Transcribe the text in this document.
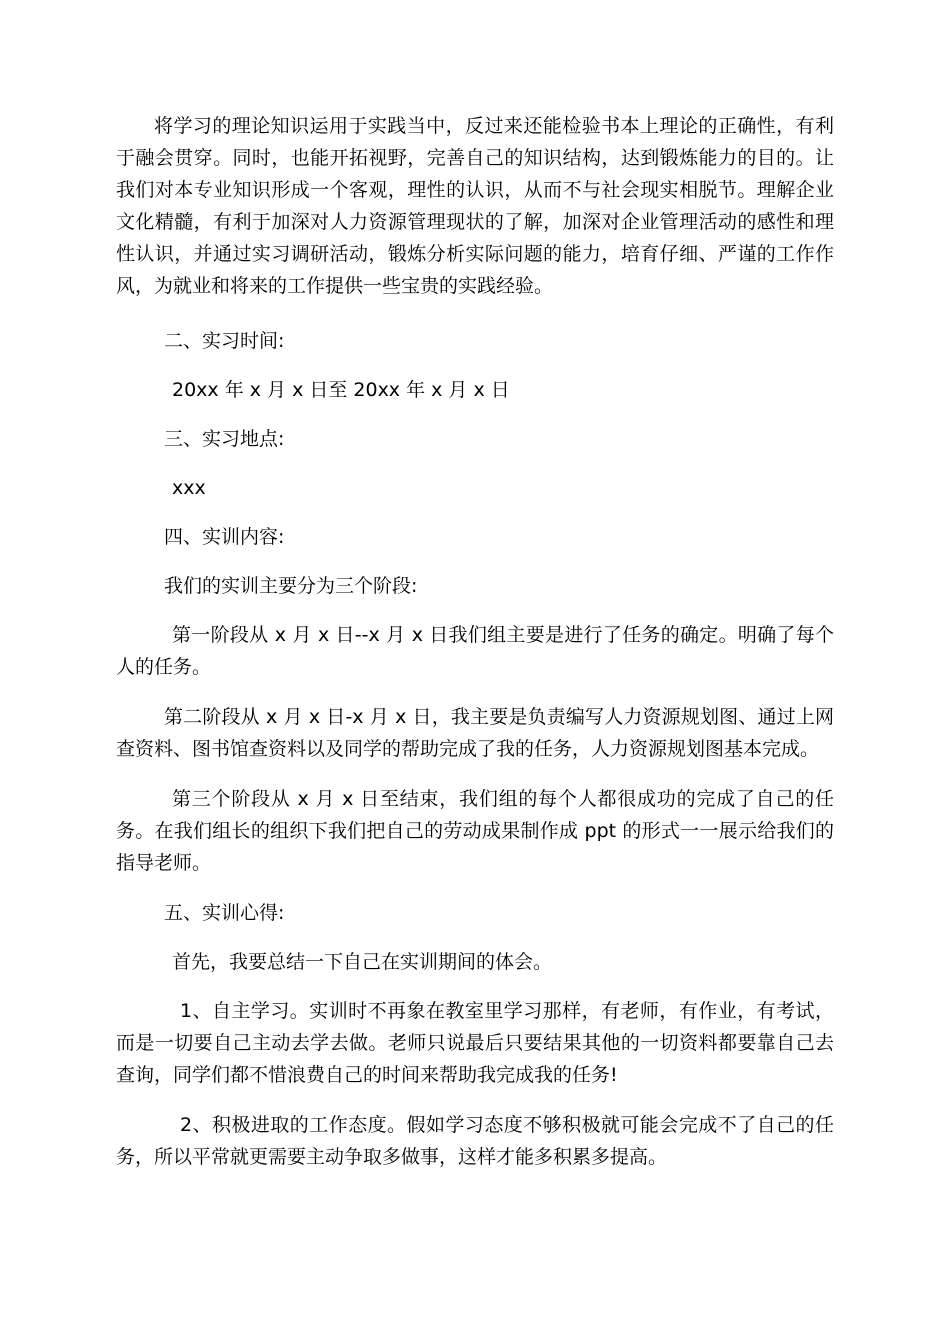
将学习的理论知识运用于实践当中，反过来还能检验书本上理论的正确性，有利于融会贯穿。同时，也能开拓视野，完善自己的知识结构，达到锻炼能力的目的。让我们对本专业知识形成一个客观，理性的认识，从而不与社会现实相脱节。理解企业文化精髓，有利于加深对人力资源管理现状的了解，加深对企业管理活动的感性和理性认识，并通过实习调研活动，锻炼分析实际问题的能力，培育仔细、严谨的工作作风，为就业和将来的工作提供一些宝贵的实践经验。

二、实习时间:

20xx 年 x 月 x 日至 20xx 年 x 月 x 日

三、实习地点:

xxx

四、实训内容:

我们的实训主要分为三个阶段:

第一阶段从 x 月 x 日--x 月 x 日我们组主要是进行了任务的确定。明确了每个人的任务。

第二阶段从 x 月 x 日-x 月 x 日，我主要是负责编写人力资源规划图、通过上网查资料、图书馆查资料以及同学的帮助完成了我的任务，人力资源规划图基本完成。

第三个阶段从 x 月 x 日至结束，我们组的每个人都很成功的完成了自己的任务。在我们组长的组织下我们把自己的劳动成果制作成 ppt 的形式一一展示给我们的指导老师。

五、实训心得:

首先，我要总结一下自己在实训期间的体会。

1、自主学习。实训时不再象在教室里学习那样，有老师，有作业，有考试，而是一切要自己主动去学去做。老师只说最后只要结果其他的一切资料都要靠自己去查询，同学们都不惜浪费自己的时间来帮助我完成我的任务!

2、积极进取的工作态度。假如学习态度不够积极就可能会完成不了自己的任务，所以平常就更需要主动争取多做事，这样才能多积累多提高。
